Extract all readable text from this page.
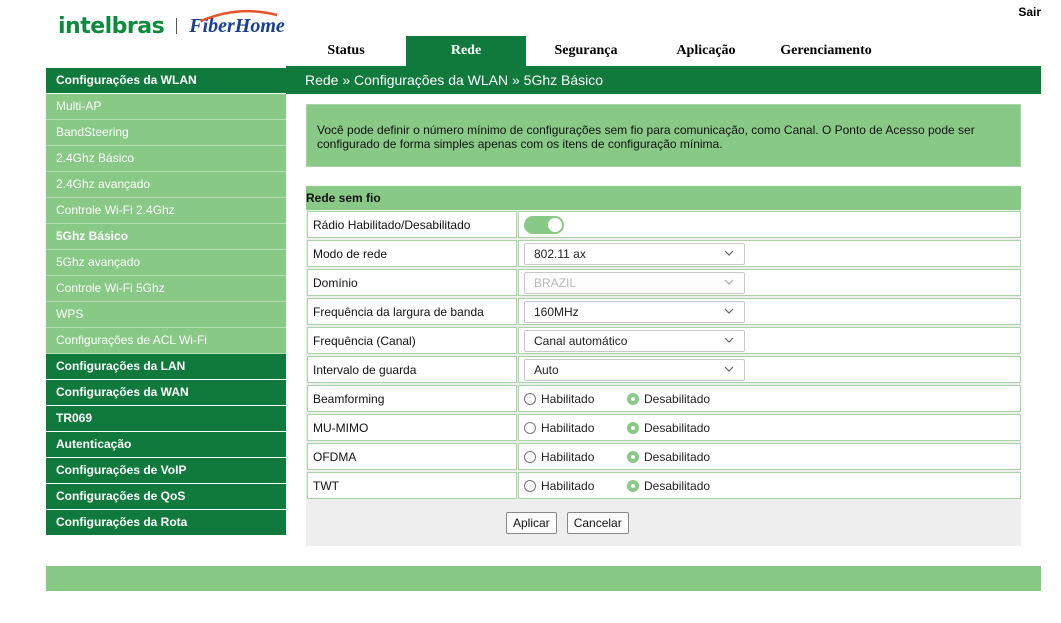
intelbras FiberHome
Sair
Status	Rede	Segurança	Aplicação	Gerenciamento
Rede » Configurações da WLAN » 5Ghz Básico
Configurações da WLAN
Multi-AP
BandSteering
2.4Ghz Básico
2.4Ghz avançado
Controle Wi-Fi 2.4Ghz
5Ghz Básico
5Ghz avançado
Controle Wi-Fi 5Ghz
WPS
Configurações de ACL Wi-Fi
Configurações da LAN
Configurações da WAN
TR069
Autenticação
Configurações de VoIP
Configurações de QoS
Configurações da Rota
Você pode definir o número mínimo de configurações sem fio para comunicação, como Canal. O Ponto de Acesso pode ser configurado de forma simples apenas com os itens de configuração mínima.
Rede sem fio
Rádio Habilitado/Desabilitado
Modo de rede	802.11 ax
Domínio	BRAZIL
Frequência da largura de banda	160MHz
Frequência (Canal)	Canal automático
Intervalo de guarda	Auto
Beamforming	Habilitado	Desabilitado
MU-MIMO	Habilitado	Desabilitado
OFDMA	Habilitado	Desabilitado
TWT	Habilitado	Desabilitado
Aplicar	Cancelar
